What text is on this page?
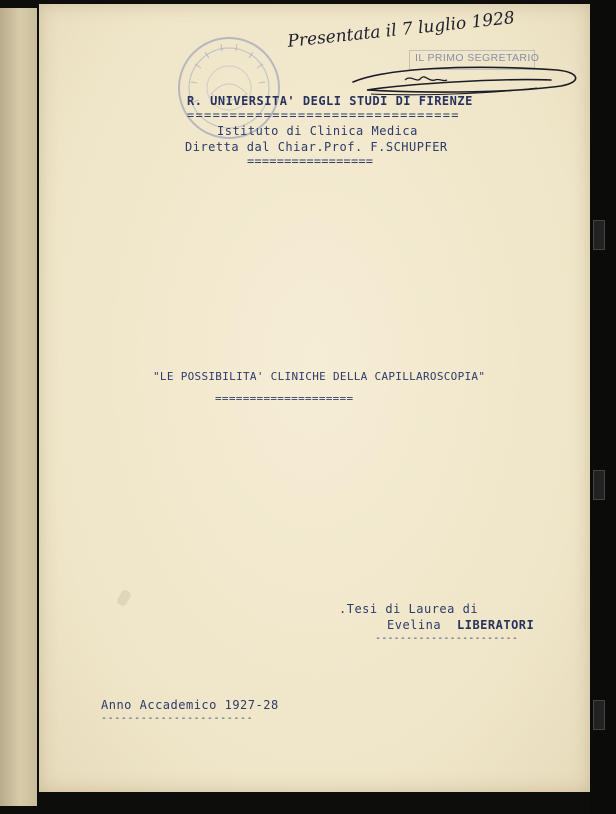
IL PRIMO SEGRETARIO
Presentata il 7 luglio 1928
R. UNIVERSITA' DEGLI STUDI DI FIRENZE
================================
Istituto di Clinica Medica
Diretta dal Chiar.Prof. F.SCHUPFER
=================
"LE POSSIBILITA' CLINICHE DELLA CAPILLAROSCOPIA"
====================
.Tesi di Laurea di
Evelina LIBERATORI
-----------------------
Anno Accademico 1927-28
-----------------------
